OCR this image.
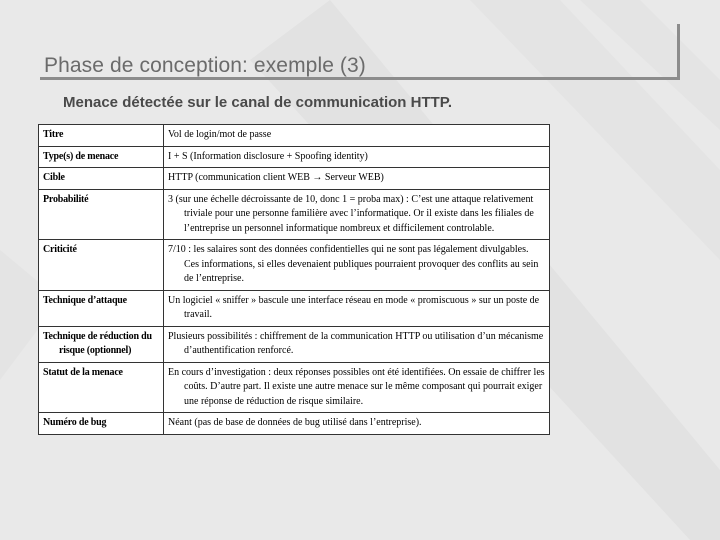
Phase de conception: exemple (3)

Menace détectée sur le canal de communication HTTP.

Titre	Vol de login/mot de passe

Type(s) de menace	I + S (Information disclosure + Spoofing identity)

Cible	HTTP (communication client WEB → Serveur WEB)

Probabilité	3 (sur une échelle décroissante de 10, donc 1 = proba max) : C’est une attaque relativement triviale pour une personne familière avec l’informatique. Or il existe dans les filiales de l’entreprise un personnel informatique nombreux et difficilement controlable.

Criticité	7/10 : les salaires sont des données confidentielles qui ne sont pas légalement divulgables. Ces informations, si elles devenaient publiques pourraient provoquer des conflits au sein de l’entreprise.

Technique d’attaque	Un logiciel « sniffer » bascule une interface réseau en mode « promiscuous » sur un poste de travail.

Technique de réduction du risque (optionnel)	Plusieurs possibilités : chiffrement de la communication HTTP ou utilisation d’un mécanisme d’authentification renforcé.

Statut de la menace	En cours d’investigation : deux réponses possibles ont été identifiées. On essaie de chiffrer les coûts. D’autre part. Il existe une autre menace sur le même composant qui pourrait exiger une réponse de réduction de risque similaire.

Numéro de bug	Néant (pas de base de données de bug utilisé dans l’entreprise).
